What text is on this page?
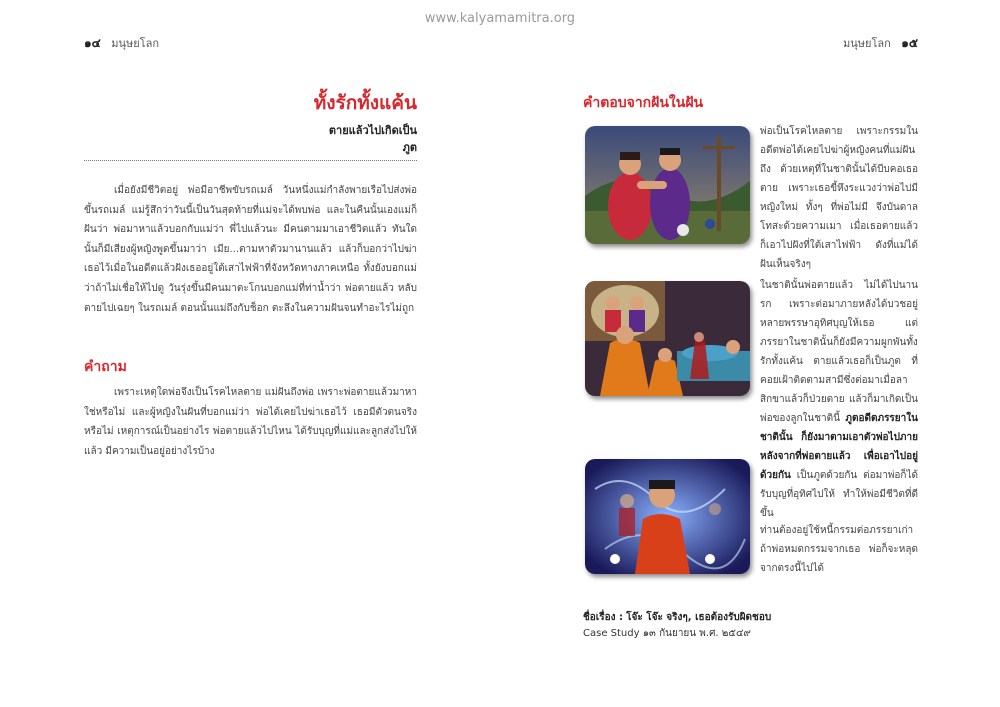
www.kalyamamitra.org
๑๔ มนุษยโลก	มนุษยโลก ๑๕
ทั้งรักทั้งแค้น
ตายแล้วไปเกิดเป็น
ภูต

เมื่อยังมีชีวิตอยู่ พ่อมีอาชีพขับรถเมล์ วันหนึ่งแม่กำลังพายเรือไปส่งพ่อขึ้นรถเมล์ แม่รู้สึกว่าวันนี้เป็นวันสุดท้ายที่แม่จะได้พบพ่อ และในคืนนั้นเองแม่ก็ฝันว่า พ่อมาหาแล้วบอกกับแม่ว่า พี่ไปแล้วนะ มีคนตามมาเอาชีวิตแล้ว ทันใดนั้นก็มีเสียงผู้หญิงพูดขึ้นมาว่า เมีย...ตามหาตัวมานานแล้ว แล้วก็บอกว่าไปฆ่าเธอไว้เมื่อในอดีตแล้วฝังเธออยู่ใต้เสาไฟฟ้าที่จังหวัดทางภาคเหนือ ทั้งยังบอกแม่ว่าถ้าไม่เชื่อให้ไปดู วันรุ่งขึ้นมีคนมาตะโกนบอกแม่ที่ท่าน้ำว่า พ่อตายแล้ว หลับตายไปเฉยๆ ในรถเมล์ ตอนนั้นแม่ถึงกับช็อก ตะลึงในความฝันจนทำอะไรไม่ถูก

คำถาม

เพราะเหตุใดพ่อจึงเป็นโรคไหลตาย แม่ฝันถึงพ่อ เพราะพ่อตายแล้วมาหาใช่หรือไม่ และผู้หญิงในฝันที่บอกแม่ว่า พ่อได้เคยไปฆ่าเธอไว้ เธอมีตัวตนจริงหรือไม่ เหตุการณ์เป็นอย่างไร พ่อตายแล้วไปไหน ได้รับบุญที่แม่และลูกส่งไปให้แล้ว มีความเป็นอยู่อย่างไรบ้าง

คำตอบจากฝันในฝัน
พ่อเป็นโรคไหลตาย เพราะกรรมในอดีตพ่อได้เคยไปฆ่าผู้หญิงคนที่แม่ฝันถึง ด้วยเหตุที่ในชาตินั้นได้บีบคอเธอตาย เพราะเธอขี้หึงระแวงว่าพ่อไปมีหญิงใหม่ ทั้งๆ ที่พ่อไม่มี จึงบันดาลโทสะด้วยความเมา เมื่อเธอตายแล้วก็เอาไปฝังที่ใต้เสาไฟฟ้า ดังที่แม่ได้ฝันเห็นจริงๆ
ในชาตินั้นพ่อตายแล้ว ไม่ได้ไปนานรก เพราะต่อมาภายหลังได้บวชอยู่หลายพรรษาอุทิศบุญให้เธอ แต่ภรรยาในชาตินั้นก็ยังมีความผูกพันทั้งรักทั้งแค้น ตายแล้วเธอก็เป็นภูต ที่คอยเฝ้าติดตามสามีซึ่งต่อมาเมื่อลาสิกขาแล้วก็ป่วยตาย แล้วก็มาเกิดเป็นพ่อของลูกในชาตินี้ ภูตอดีตภรรยาในชาตินั้น ก็ยังมาตามเอาตัวพ่อไปภายหลังจากที่พ่อตายแล้ว เพื่อเอาไปอยู่ด้วยกัน เป็นภูตด้วยกัน ต่อมาพ่อก็ได้รับบุญที่อุทิศไปให้ ทำให้พ่อมีชีวิตที่ดีขึ้น
ท่านต้องอยู่ใช้หนี้กรรมต่อภรรยาเก่า ถ้าพ่อหมดกรรมจากเธอ พ่อก็จะหลุดจากตรงนี้ไปได้
ชื่อเรื่อง : โจ๊ะ โจ๊ะ จริงๆ, เธอต้องรับผิดชอบ
Case Study ๑๓ กันยายน พ.ศ. ๒๕๔๙
